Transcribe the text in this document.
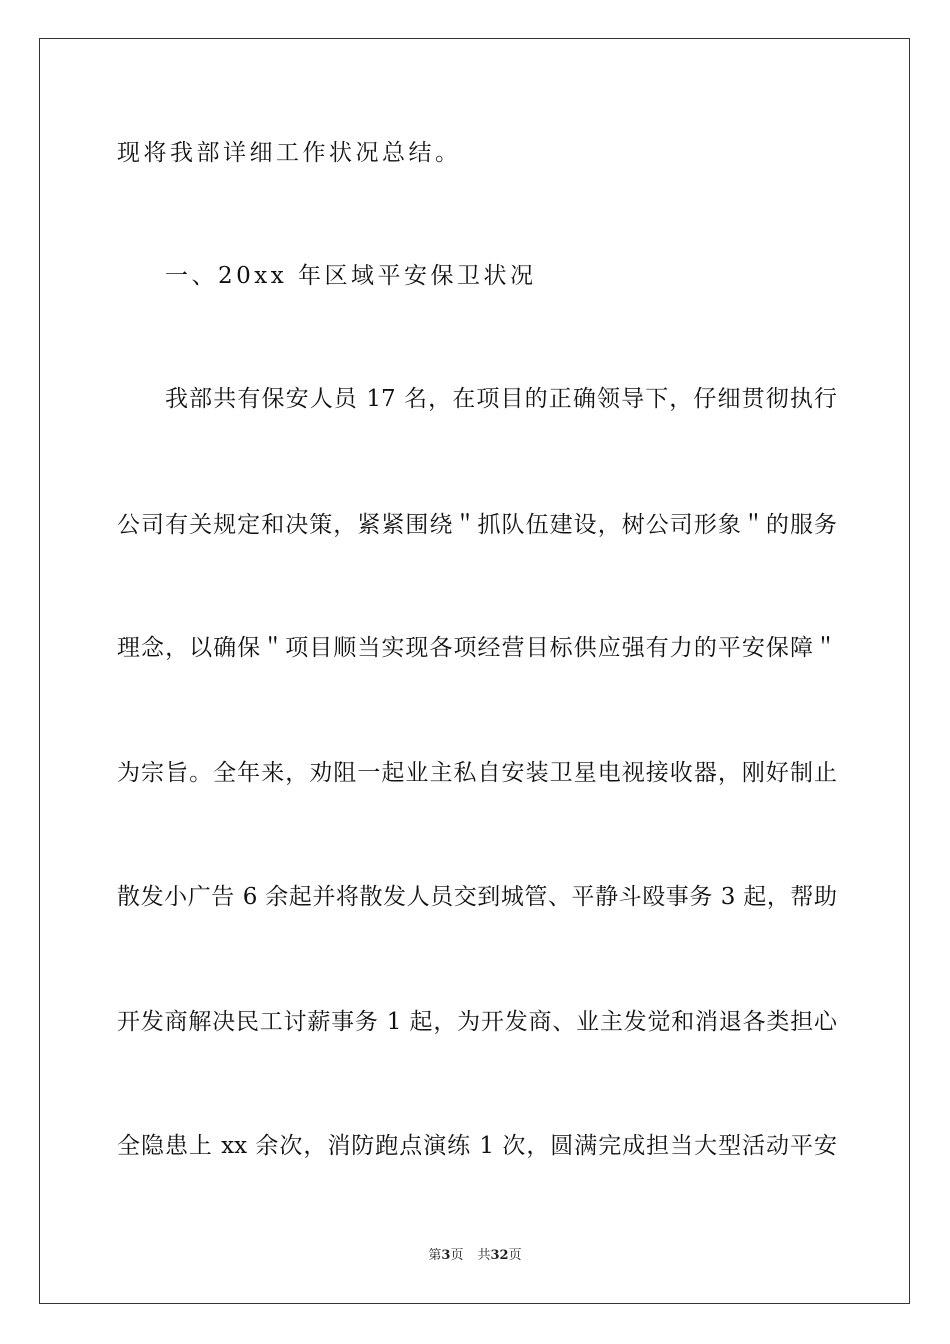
现将我部详细工作状况总结。
一、20xx 年区域平安保卫状况
我部共有保安人员 17 名，在项目的正确领导下，仔细贯彻执行
公司有关规定和决策，紧紧围绕＂抓队伍建设，树公司形象＂的服务
理念，以确保＂项目顺当实现各项经营目标供应强有力的平安保障＂
为宗旨。全年来，劝阻一起业主私自安装卫星电视接收器，刚好制止
散发小广告 6 余起并将散发人员交到城管、平静斗殴事务 3 起，帮助
开发商解决民工讨薪事务 1 起，为开发商、业主发觉和消退各类担心
全隐患上 xx 余次，消防跑点演练 1 次，圆满完成担当大型活动平安
第3页 共32页
